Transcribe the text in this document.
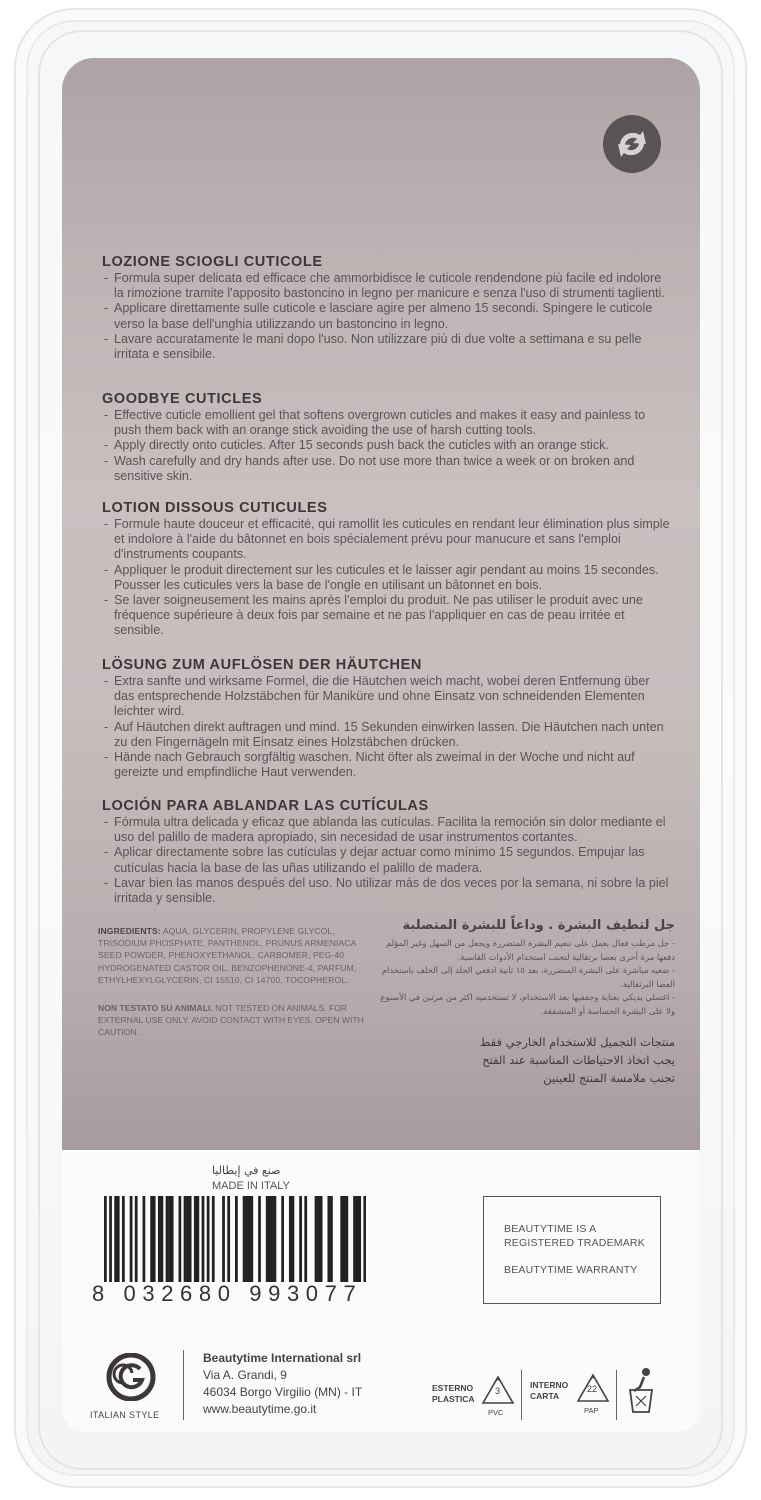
LOZIONE SCIOGLI CUTICOLE
- Formula super delicata ed efficace che ammorbidisce le cuticole rendendone più facile ed indolore la rimozione tramite l'apposito bastoncino in legno per manicure e senza l'uso di strumenti taglienti.
- Applicare direttamente sulle cuticole e lasciare agire per almeno 15 secondi. Spingere le cuticole verso la base dell'unghia utilizzando un bastoncino in legno.
- Lavare accuratamente le mani dopo l'uso. Non utilizzare più di due volte a settimana e su pelle irritata e sensibile.
GOODBYE CUTICLES
- Effective cuticle emollient gel that softens overgrown cuticles and makes it easy and painless to push them back with an orange stick avoiding the use of harsh cutting tools.
- Apply directly onto cuticles. After 15 seconds push back the cuticles with an orange stick.
- Wash carefully and dry hands after use. Do not use more than twice a week or on broken and sensitive skin.
LOTION DISSOUS CUTICULES
- Formule haute douceur et efficacité, qui ramollit les cuticules en rendant leur élimination plus simple et indolore à l'aide du bâtonnet en bois spécialement prévu pour manucure et sans l'emploi d'instruments coupants.
- Appliquer le produit directement sur les cuticules et le laisser agir pendant au moins 15 secondes. Pousser les cuticules vers la base de l'ongle en utilisant un bâtonnet en bois.
- Se laver soigneusement les mains après l'emploi du produit. Ne pas utiliser le produit avec une fréquence supérieure à deux fois par semaine et ne pas l'appliquer en cas de peau irritée et sensible.
LÖSUNG ZUM AUFLÖSEN DER HÄUTCHEN
- Extra sanfte und wirksame Formel, die die Häutchen weich macht, wobei deren Entfernung über das entsprechende Holzstäbchen für Maniküre und ohne Einsatz von schneidenden Elementen leichter wird.
- Auf Häutchen direkt auftragen und mind. 15 Sekunden einwirken lassen. Die Häutchen nach unten zu den Fingernägeln mit Einsatz eines Holzstäbchen drücken.
- Hände nach Gebrauch sorgfältig waschen. Nicht öfter als zweimal in der Woche und nicht auf gereizte und empfindliche Haut verwenden.
LOCIÓN PARA ABLANDAR LAS CUTÍCULAS
- Fórmula ultra delicada y eficaz que ablanda las cutículas. Facilita la remoción sin dolor mediante el uso del palillo de madera apropiado, sin necesidad de usar instrumentos cortantes.
- Aplicar directamente sobre las cutículas y dejar actuar como mínimo 15 segundos. Empujar las cutículas hacia la base de las uñas utilizando el palillo de madera.
- Lavar bien las manos después del uso. No utilizar más de dos veces por la semana, ni sobre la piel irritada y sensible.
INGREDIENTS: AQUA, GLYCERIN, PROPYLENE GLYCOL, TRISODIUM PHOSPHATE, PANTHENOL, PRUNUS ARMENIACA SEED POWDER, PHENOXYETHANOL, CARBOMER, PEG-40 HYDROGENATED CASTOR OIL, BENZOPHENONE-4, PARFUM, ETHYLHEXYLGLYCERIN, CI 15510, CI 14700, TOCOPHEROL.
NON TESTATO SU ANIMALI. NOT TESTED ON ANIMALS. FOR EXTERNAL USE ONLY. AVOID CONTACT WITH EYES. OPEN WITH CAUTION.
جل لتطيف البشرة . وداعاً للبشرة المتصلبة
- جل مرطب فعال يعمل على تنعيم البشرة المتضررة ويجعل من السهل وغير المؤلم دفعها مرة أخرى بعصا برتقالية لتجنب استخدام الأدوات القاسية.
- ضعيه مباشرة على البشرة المتضررة، بعد ١٥ ثانية ادفعي الجلد إلى الخلف باستخدام العصا البرتقالية.
- اغسلي يديكي بعناية وجففيها بعد الاستخدام، لا تستخدميه اكثر من مرتين في الأسبوع ولا على البشرة الحساسة أو المتشققة.
منتجات التجميل للاستخدام الخارجي فقط
يجب اتخاذ الاحتياطات المناسبة عند الفتح
تجنب ملامسة المنتج للعينين
صنع في إيطاليا
MADE IN ITALY
8 032680 993077
BEAUTYTIME IS A
REGISTERED TRADEMARK
BEAUTYTIME WARRANTY
ITALIAN STYLE
Beautytime International srl
Via A. Grandi, 9
46034 Borgo Virgilio (MN) - IT
www.beautytime.go.it
ESTERNO
PLASTICA
3
PVC
INTERNO
CARTA
22
PAP
